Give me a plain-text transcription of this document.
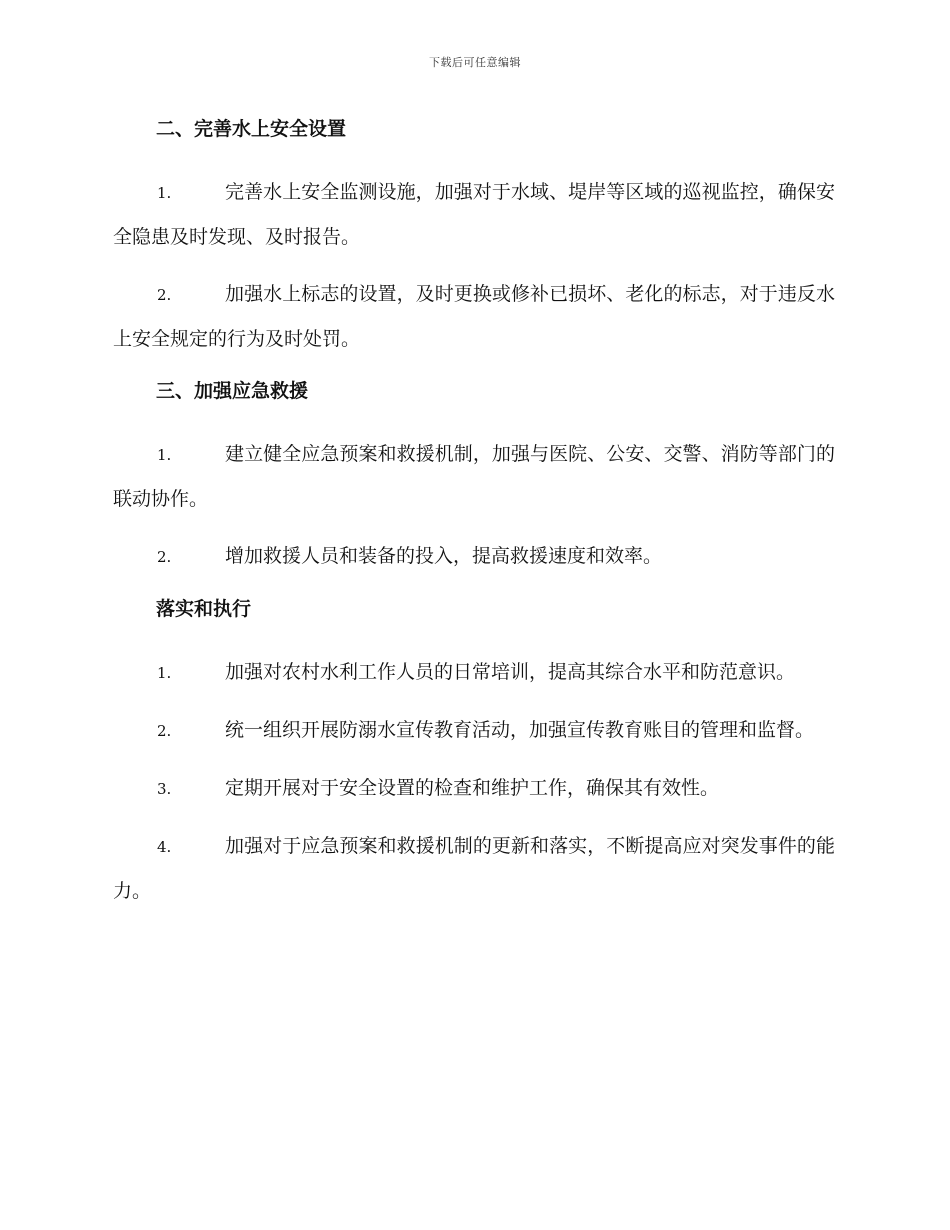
下载后可任意编辑
二、完善水上安全设置

1.	完善水上安全监测设施，加强对于水域、堤岸等区域的巡视监控，确保安全隐患及时发现、及时报告。

2.	加强水上标志的设置，及时更换或修补已损坏、老化的标志，对于违反水上安全规定的行为及时处罚。

三、加强应急救援

1.	建立健全应急预案和救援机制，加强与医院、公安、交警、消防等部门的联动协作。

2.	增加救援人员和装备的投入，提高救援速度和效率。

落实和执行

1.	加强对农村水利工作人员的日常培训，提高其综合水平和防范意识。

2.	统一组织开展防溺水宣传教育活动，加强宣传教育账目的管理和监督。

3.	定期开展对于安全设置的检查和维护工作，确保其有效性。

4.	加强对于应急预案和救援机制的更新和落实，不断提高应对突发事件的能力。
